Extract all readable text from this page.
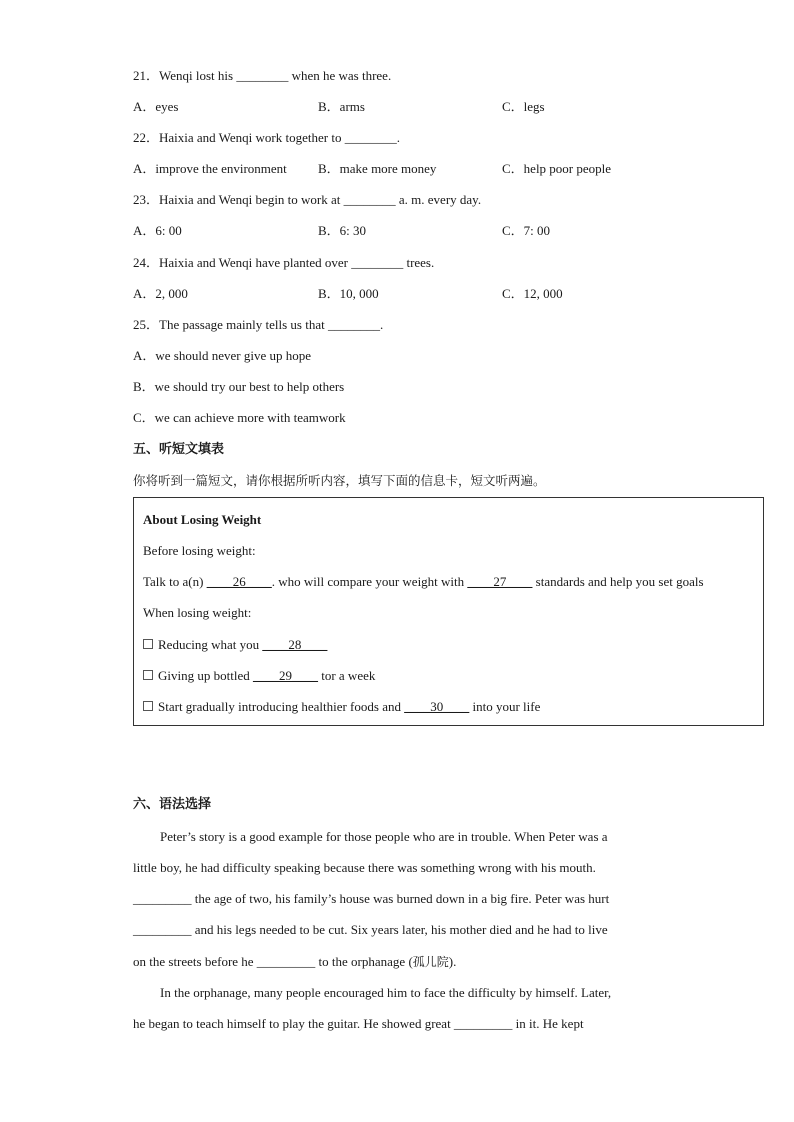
21．Wenqi lost his ________ when he was three.
A．eyes	B．arms	C．legs
22．Haixia and Wenqi work together to ________.
A．improve the environment B．make more money	C．help poor people
23．Haixia and Wenqi begin to work at ________ a. m. every day.
A．6: 00	B．6: 30	C．7: 00
24．Haixia and Wenqi have planted over ________ trees.
A．2, 000	B．10, 000	C．12, 000
25．The passage mainly tells us that ________.
A．we should never give up hope
B．we should try our best to help others
C．we can achieve more with teamwork
五、听短文填表
你将听到一篇短文，请你根据所听内容，填写下面的信息卡，短文听两遍。
About Losing Weight
Before losing weight:
Talk to a(n) ____26____. who will compare your weight with ____27____ standards and help you set goals
When losing weight:
Reducing what you ____28____
Giving up bottled ____29____ tor a week
Start gradually introducing healthier foods and ____30____ into your life
六、语法选择
Peter’s story is a good example for those people who are in trouble. When Peter was a
little boy, he had difficulty speaking because there was something wrong with his mouth.
_________ the age of two, his family’s house was burned down in a big fire. Peter was hurt
_________ and his legs needed to be cut. Six years later, his mother died and he had to live
on the streets before he _________ to the orphanage (孤儿院).
In the orphanage, many people encouraged him to face the difficulty by himself. Later,
he began to teach himself to play the guitar. He showed great _________ in it. He kept
